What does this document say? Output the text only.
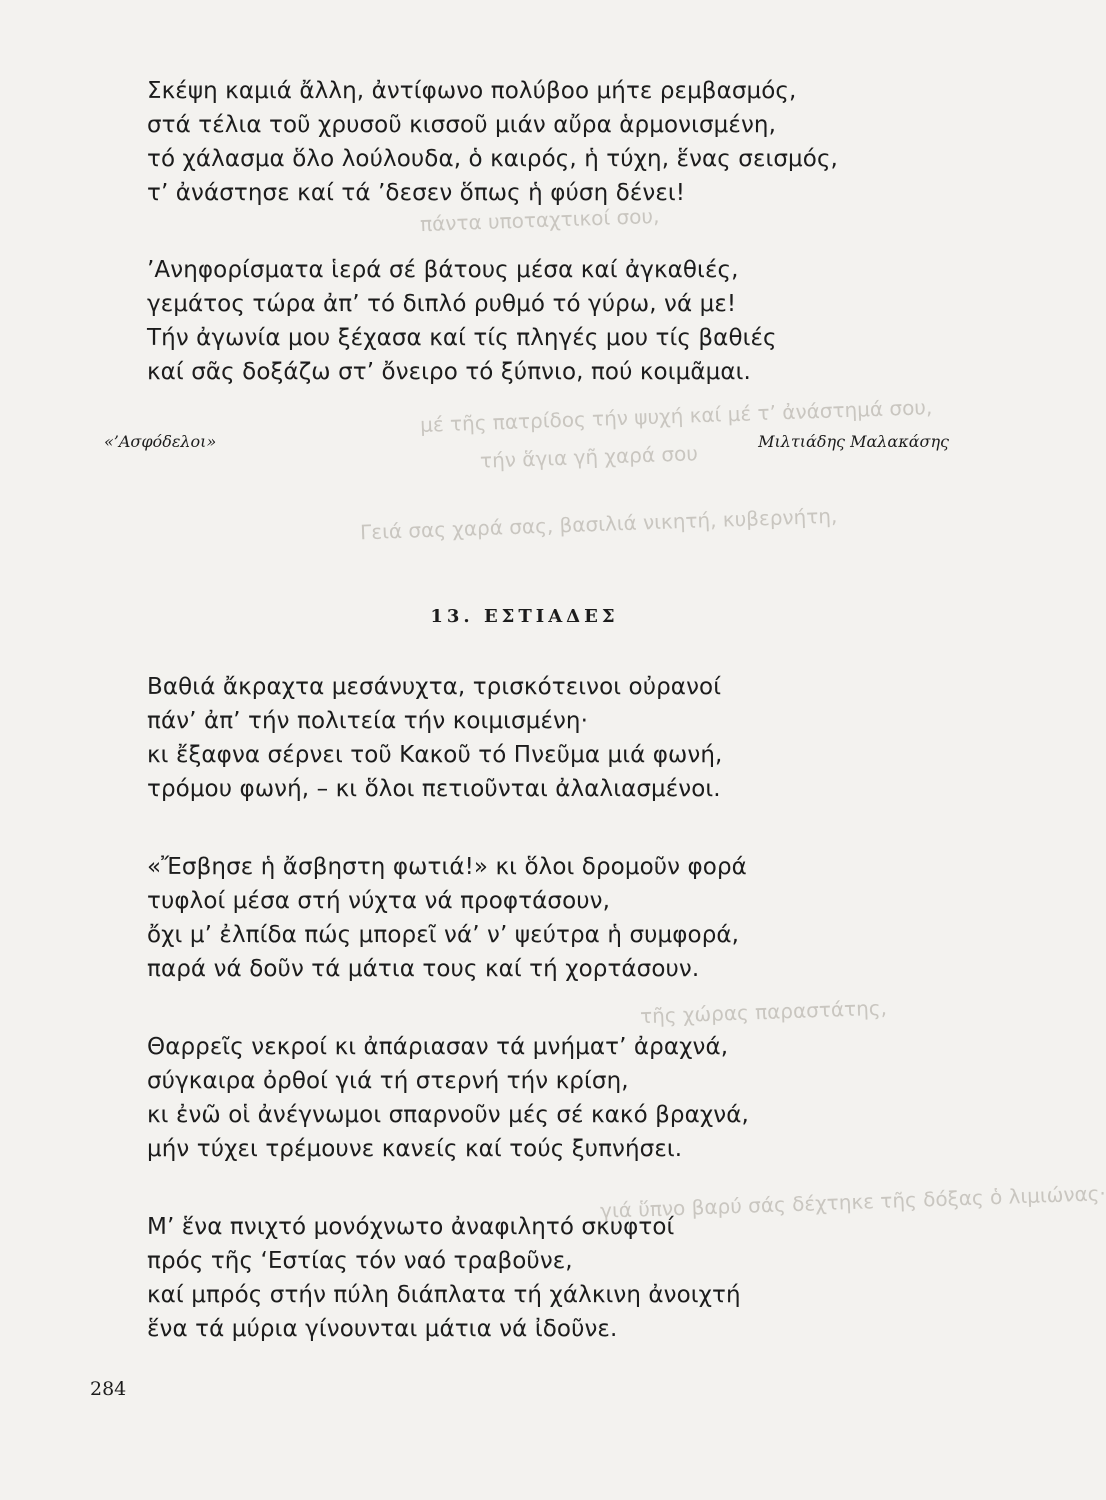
πάντα υποταχτικοί σου,
μέ τῆς πατρίδος τήν ψυχή καί μέ τ’ ἀνάστημά σου,
τήν ἅγια γῆ χαρά σου
Γειά σας χαρά σας, βασιλιά νικητή, κυβερνήτη,
τῆς χώρας παραστάτης,
γιά ὕπνο βαρύ σάς δέχτηκε τῆς δόξας ὁ λιμιώνας·
Σκέψη καμιά ἄλλη, ἀντίφωνο πολύβοο μήτε ρεμβασμός,
στά τέλια τοῦ χρυσοῦ κισσοῦ μιάν αὔρα ἁρμονισμένη,
τό χάλασμα ὅλο λούλουδα, ὁ καιρός, ἡ τύχη, ἕνας σεισμός,
τ’ ἀνάστησε καί τά ’δεσεν ὅπως ἡ φύση δένει!
’Ανηφορίσματα ἱερά σέ βάτους μέσα καί ἀγκαθιές,
γεμάτος τώρα ἀπ’ τό διπλό ρυθμό τό γύρω, νά με!
Τήν ἀγωνία μου ξέχασα καί τίς πληγές μου τίς βαθιές
καί σᾶς δοξάζω στ’ ὄνειρο τό ξύπνιο, πού κοιμᾶμαι.
«’Ασφόδελοι»	Μιλτιάδης Μαλακάσης
13. ΕΣΤΙΑΔΕΣ
Βαθιά ἄκραχτα μεσάνυχτα, τρισκότεινοι οὐρανοί
πάν’ ἀπ’ τήν πολιτεία τήν κοιμισμένη·
κι ἔξαφνα σέρνει τοῦ Κακοῦ τό Πνεῦμα μιά φωνή,
τρόμου φωνή, – κι ὅλοι πετιοῦνται ἀλαλιασμένοι.
«Ἔσβησε ἡ ἄσβηστη φωτιά!» κι ὅλοι δρομοῦν φορά
τυφλοί μέσα στή νύχτα νά προφτάσουν,
ὄχι μ’ ἐλπίδα πώς μπορεῖ νά’ ν’ ψεύτρα ἡ συμφορά,
παρά νά δοῦν τά μάτια τους καί τή χορτάσουν.
Θαρρεῖς νεκροί κι ἀπάριασαν τά μνήματ’ ἀραχνά,
σύγκαιρα ὀρθοί γιά τή στερνή τήν κρίση,
κι ἐνῶ οἱ ἀνέγνωμοι σπαρνοῦν μές σέ κακό βραχνά,
μήν τύχει τρέμουνε κανείς καί τούς ξυπνήσει.
Μ’ ἕνα πνιχτό μονόχνωτο ἀναφιλητό σκυφτοί
πρός τῆς ‘Εστίας τόν ναό τραβοῦνε,
καί μπρός στήν πύλη διάπλατα τή χάλκινη ἀνοιχτή
ἕνα τά μύρια γίνουνται μάτια νά ἰδοῦνε.
284
